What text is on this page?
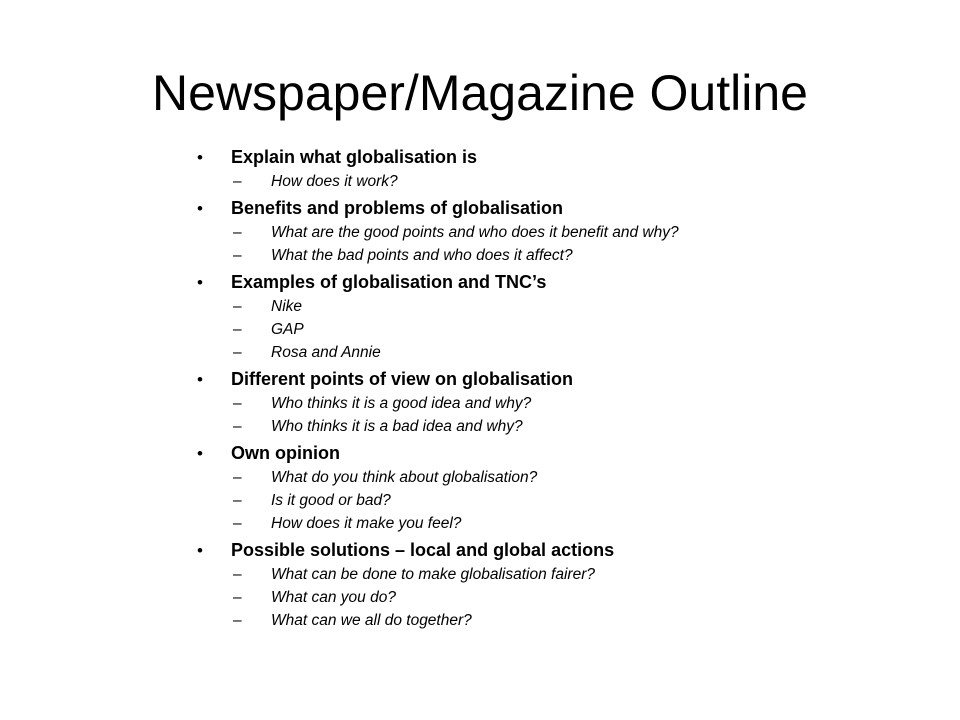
Newspaper/Magazine Outline
• Explain what globalisation is
– How does it work?
• Benefits and problems of globalisation
– What are the good points and who does it benefit and why?
– What the bad points and who does it affect?
• Examples of globalisation and TNC’s
– Nike
– GAP
– Rosa and Annie
• Different points of view on globalisation
– Who thinks it is a good idea and why?
– Who thinks it is a bad idea and why?
• Own opinion
– What do you think about globalisation?
– Is it good or bad?
– How does it make you feel?
• Possible solutions – local and global actions
– What can be done to make globalisation fairer?
– What can you do?
– What can we all do together?
